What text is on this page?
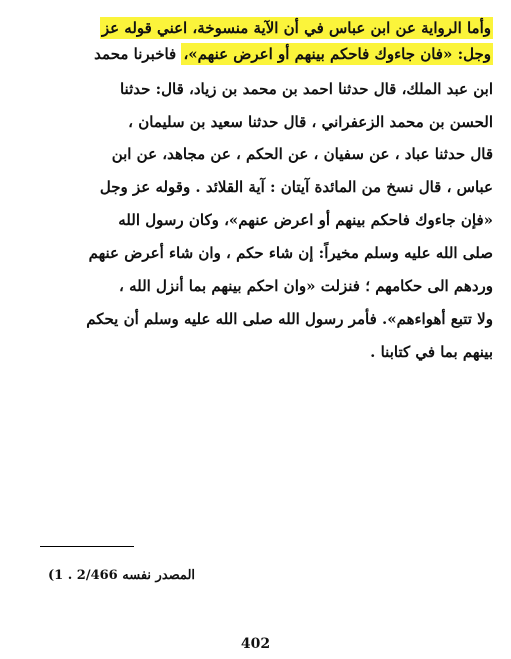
وأما الرواية عن ابن عباس في أن الآية منسوخة، اعني قوله عز
وجل: «فان جاءوك فاحكم بينهم أو اعرض عنهم»، فاخبرنا محمد
ابن عبد الملك، قال حدثنا احمد بن محمد بن زياد، قال: حدثنا
الحسن بن محمد الزعفراني ، قال حدثنا سعيد بن سليمان ،
قال حدثنا عباد ، عن سفيان ، عن الحكم ، عن مجاهد، عن ابن
عباس ، قال نسخ من المائدة آيتان : آية القلائد . وقوله عز وجل
«فإن جاءوك فاحكم بينهم أو اعرض عنهم»، وكان رسول الله
صلى الله عليه وسلم مخيراً: إن شاء حكم ، وان شاء أعرض عنهم
وردهم الى حكامهم ؛ فنزلت «وان احكم بينهم بما أنزل الله ،
ولا تتبع أهواءهم». فأمر رسول الله صلى الله عليه وسلم أن يحكم
بينهم بما في كتابنا .
المصدر نفسه 2/466 . 1)
402
